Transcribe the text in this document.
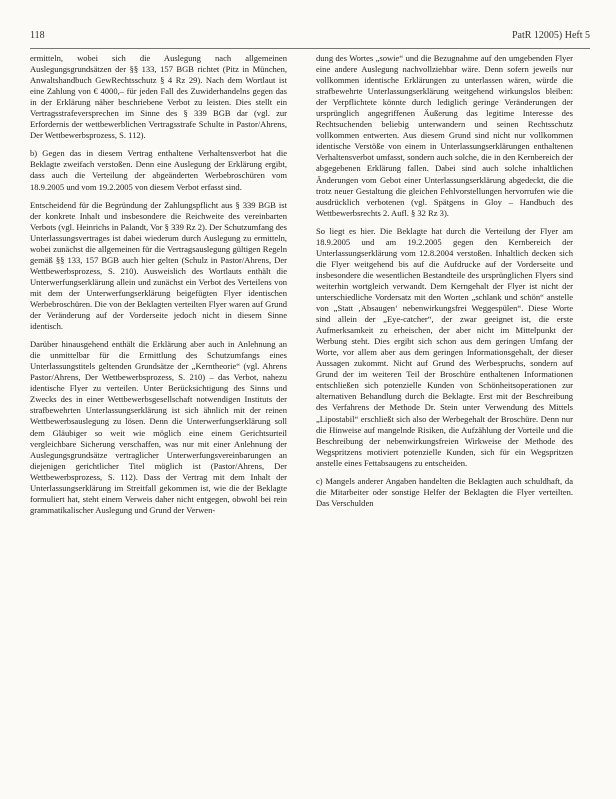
118	PatR 12005) Heft 5

ermitteln, wobei sich die Auslegung nach allgemeinen Auslegungsgrundsätzen der §§ 133, 157 BGB richtet (Pitz in München, Anwaltshandbuch GewRechtsschutz § 4 Rz 29). Nach dem Wortlaut ist eine Zahlung von € 4000,– für jeden Fall des Zuwiderhandelns gegen das in der Erklärung näher beschriebene Verbot zu leisten. Dies stellt ein Vertragsstrafeversprechen im Sinne des § 339 BGB dar (vgl. zur Erfordernis der wettbewerblichen Vertragsstrafe Schulte in Pastor/Ahrens, Der Wettbewerbsprozess, S. 112).

b) Gegen das in diesem Vertrag enthaltene Verhaltensverbot hat die Beklagte zweifach verstoßen. Denn eine Auslegung der Erklärung ergibt, dass auch die Verteilung der abgeänderten Werbebroschüren vom 18.9.2005 und vom 19.2.2005 von diesem Verbot erfasst sind.

Entscheidend für die Begründung der Zahlungspflicht aus § 339 BGB ist der konkrete Inhalt und insbesondere die Reichweite des vereinbarten Verbots (vgl. Heinrichs in Palandt, Vor § 339 Rz 2). Der Schutzumfang des Unterlassungsvertrages ist dabei wiederum durch Auslegung zu ermitteln, wobei zunächst die allgemeinen für die Vertragsauslegung gültigen Regeln gemäß §§ 133, 157 BGB auch hier gelten (Schulz in Pastor/Ahrens, Der Wettbewerbsprozess, S. 210). Ausweislich des Wortlauts enthält die Unterwerfungserklärung allein und zunächst ein Verbot des Verteilens von mit dem der Unterwerfungserklärung beigefügten Flyer identischen Werbebroschüren. Die von der Beklagten verteilten Flyer waren auf Grund der Veränderung auf der Vorderseite jedoch nicht in diesem Sinne identisch.

Darüber hinausgehend enthält die Erklärung aber auch in Anlehnung an die unmittelbar für die Ermittlung des Schutzumfangs eines Unterlassungstitels geltenden Grundsätze der „Kerntheorie“ (vgl. Ahrens Pastor/Ahrens, Der Wettbewerbsprozess, S. 210) – das Verbot, nahezu identische Flyer zu verteilen. Unter Berücksichtigung des Sinns und Zwecks des in einer Wettbewerbsgesellschaft notwendigen Instituts der strafbewehrten Unterlassungserklärung ist sich ähnlich mit der reinen Wettbewerbsauslegung zu lösen. Denn die Unterwerfungserklärung soll dem Gläubiger so weit wie möglich eine einem Gerichtsurteil vergleichbare Sicherung verschaffen, was nur mit einer Anlehnung der Auslegungsgrundsätze vertraglicher Unterwerfungsvereinbarungen an diejenigen gerichtlicher Titel möglich ist (Pastor/Ahrens, Der Wettbewerbsprozess, S. 112). Dass der Vertrag mit dem Inhalt der Unterlassungserklärung im Streitfall gekommen ist, wie die der Beklagte formuliert hat, steht einem Verweis daher nicht entgegen, obwohl bei rein grammatikalischer Auslegung und Grund der Verwen-

dung des Wortes „sowie“ und die Bezugnahme auf den umgebenden Flyer eine andere Auslegung nachvollziehbar wäre. Denn sofern jeweils nur vollkommen identische Erklärungen zu unterlassen wären, würde die strafbewehrte Unterlassungserklärung weitgehend wirkungslos bleiben: der Verpflichtete könnte durch lediglich geringe Veränderungen der ursprünglich angegriffenen Äußerung das legitime Interesse des Rechtsuchenden beliebig unterwandern und seinen Rechtsschutz vollkommen entwerten. Aus diesem Grund sind nicht nur vollkommen identische Verstöße von einem in Unterlassungserklärungen enthaltenen Verhaltensverbot umfasst, sondern auch solche, die in den Kernbereich der abgegebenen Erklärung fallen. Dabei sind auch solche inhaltlichen Änderungen vom Gebot einer Unterlassungserklärung abgedeckt, die die trotz neuer Gestaltung die gleichen Fehlvorstellungen hervorrufen wie die ausdrücklich verbotenen (vgl. Spätgens in Gloy – Handbuch des Wettbewerbsrechts 2. Aufl. § 32 Rz 3).

So liegt es hier. Die Beklagte hat durch die Verteilung der Flyer am 18.9.2005 und am 19.2.2005 gegen den Kernbereich der Unterlassungserklärung vom 12.8.2004 verstoßen. Inhaltlich decken sich die Flyer weitgehend bis auf die Aufdrucke auf der Vorderseite und insbesondere die wesentlichen Bestandteile des ursprünglichen Flyers sind weiterhin wortgleich verwandt. Dem Kerngehalt der Flyer ist nicht der unterschiedliche Vordersatz mit den Worten „schlank und schön“ anstelle von „Statt ‚Absaugen‘ nebenwirkungsfrei Weggespülen“. Diese Worte sind allein der „Eye-catcher“, der zwar geeignet ist, die erste Aufmerksamkeit zu erheischen, der aber nicht im Mittelpunkt der Werbung steht. Dies ergibt sich schon aus dem geringen Umfang der Worte, vor allem aber aus dem geringen Informationsgehalt, der dieser Aussagen zukommt. Nicht auf Grund des Werbespruchs, sondern auf Grund der im weiteren Teil der Broschüre enthaltenen Informationen entschließen sich potenzielle Kunden von Schönheitsoperationen zur alternativen Behandlung durch die Beklagte. Erst mit der Beschreibung des Verfahrens der Methode Dr. Stein unter Verwendung des Mittels „Lipostabil“ erschließt sich also der Werbegehalt der Broschüre. Denn nur die Hinweise auf mangelnde Risiken, die Aufzählung der Vorteile und die Beschreibung der nebenwirkungsfreien Wirkweise der Methode des Wegspritzens motiviert potenzielle Kunden, sich für ein Wegspritzen anstelle eines Fettabsaugens zu entscheiden.

c) Mangels anderer Angaben handelten die Beklagten auch schuldhaft, da die Mitarbeiter oder sonstige Helfer der Beklagten die Flyer verteilten. Das Verschulden
